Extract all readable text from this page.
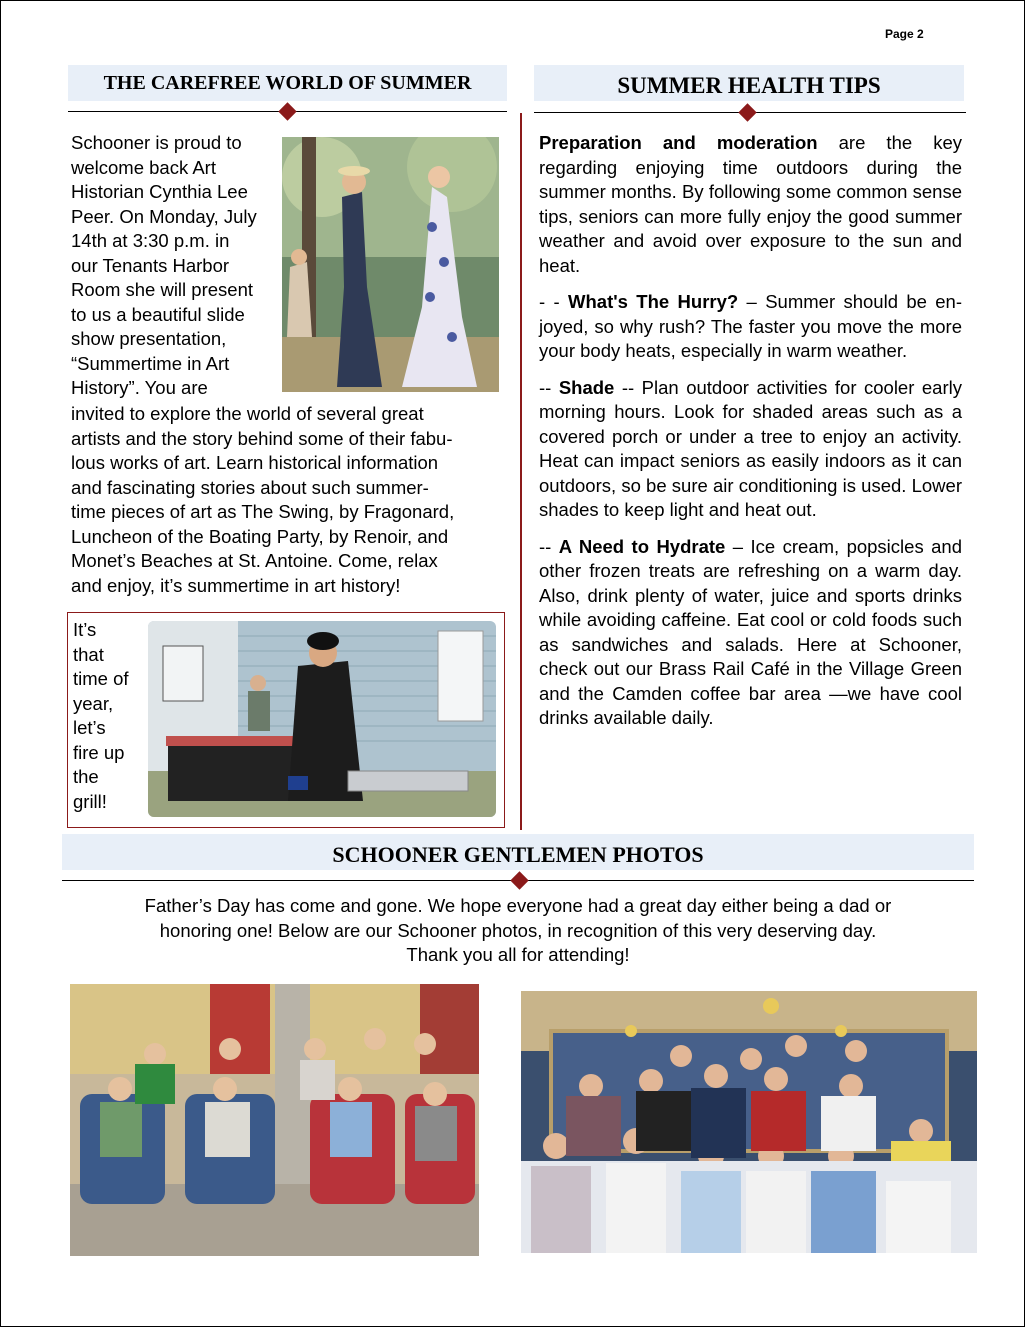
Page 2
THE CAREFREE WORLD OF SUMMER	SUMMER HEALTH TIPS
Schooner is proud to
welcome back Art
Historian Cynthia Lee
Peer. On Monday, July
14th at 3:30 p.m. in
our Tenants Harbor
Room she will present
to us a beautiful slide
show presentation,
“Summertime in Art
History”. You are
invited to explore the world of several great
artists and the story behind some of their fabu-
lous works of art. Learn historical information
and fascinating stories about such summer-
time pieces of art as The Swing, by Fragonard,
Luncheon of the Boating Party, by Renoir, and
Monet’s Beaches at St. Antoine. Come, relax
and enjoy, it’s summertime in art history!
It’s
that
time of
year,
let’s
fire up
the
grill!

Preparation and moderation are the key regarding enjoying time outdoors during the summer months. By following some common sense tips, seniors can more fully enjoy the good summer weather and avoid over exposure to the sun and heat.

- - What's The Hurry? – Summer should be en-joyed, so why rush? The faster you move the more your body heats, especially in warm weather.

-- Shade -- Plan outdoor activities for cooler early morning hours. Look for shaded areas such as a covered porch or under a tree to enjoy an activity. Heat can impact seniors as easily indoors as it can outdoors, so be sure air conditioning is used. Lower shades to keep light and heat out.

-- A Need to Hydrate – Ice cream, popsicles and other frozen treats are refreshing on a warm day. Also, drink plenty of water, juice and sports drinks while avoiding caffeine. Eat cool or cold foods such as sandwiches and salads. Here at Schooner, check out our Brass Rail Café in the Village Green and the Camden coffee bar area —we have cool drinks available daily.

SCHOONER GENTLEMEN PHOTOS
Father’s Day has come and gone. We hope everyone had a great day either being a dad or
honoring one! Below are our Schooner photos, in recognition of this very deserving day.
Thank you all for attending!
